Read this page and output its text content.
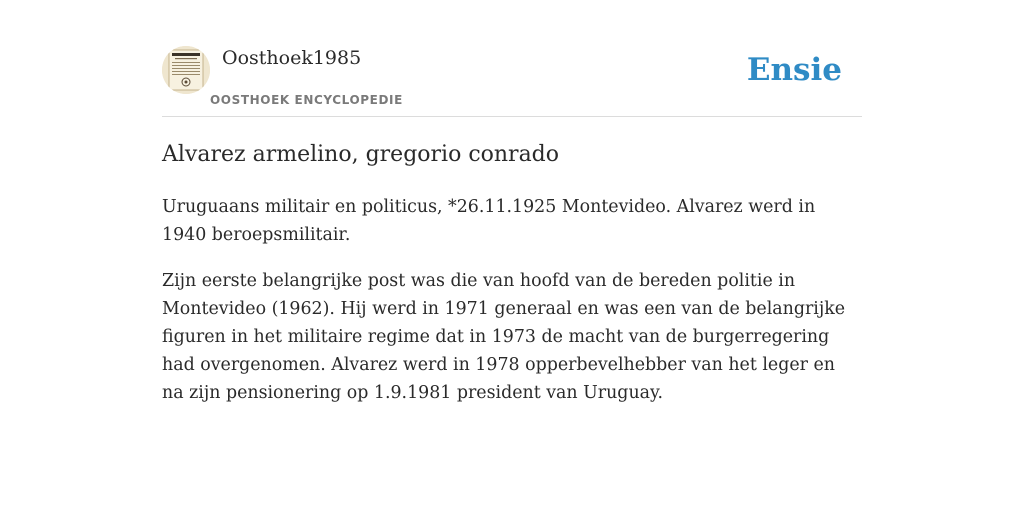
Oosthoek1985
OOSTHOEK ENCYCLOPEDIE
Ensie
Alvarez armelino, gregorio conrado

Uruguaans militair en politicus, *26.11.1925 Montevideo. Alvarez werd in 1940 beroepsmilitair.

Zijn eerste belangrijke post was die van hoofd van de bereden politie in Montevideo (1962). Hij werd in 1971 generaal en was een van de belangrijke figuren in het militaire regime dat in 1973 de macht van de burgerregering had overgenomen. Alvarez werd in 1978 opperbevelhebber van het leger en na zijn pensionering op 1.9.1981 president van Uruguay.
